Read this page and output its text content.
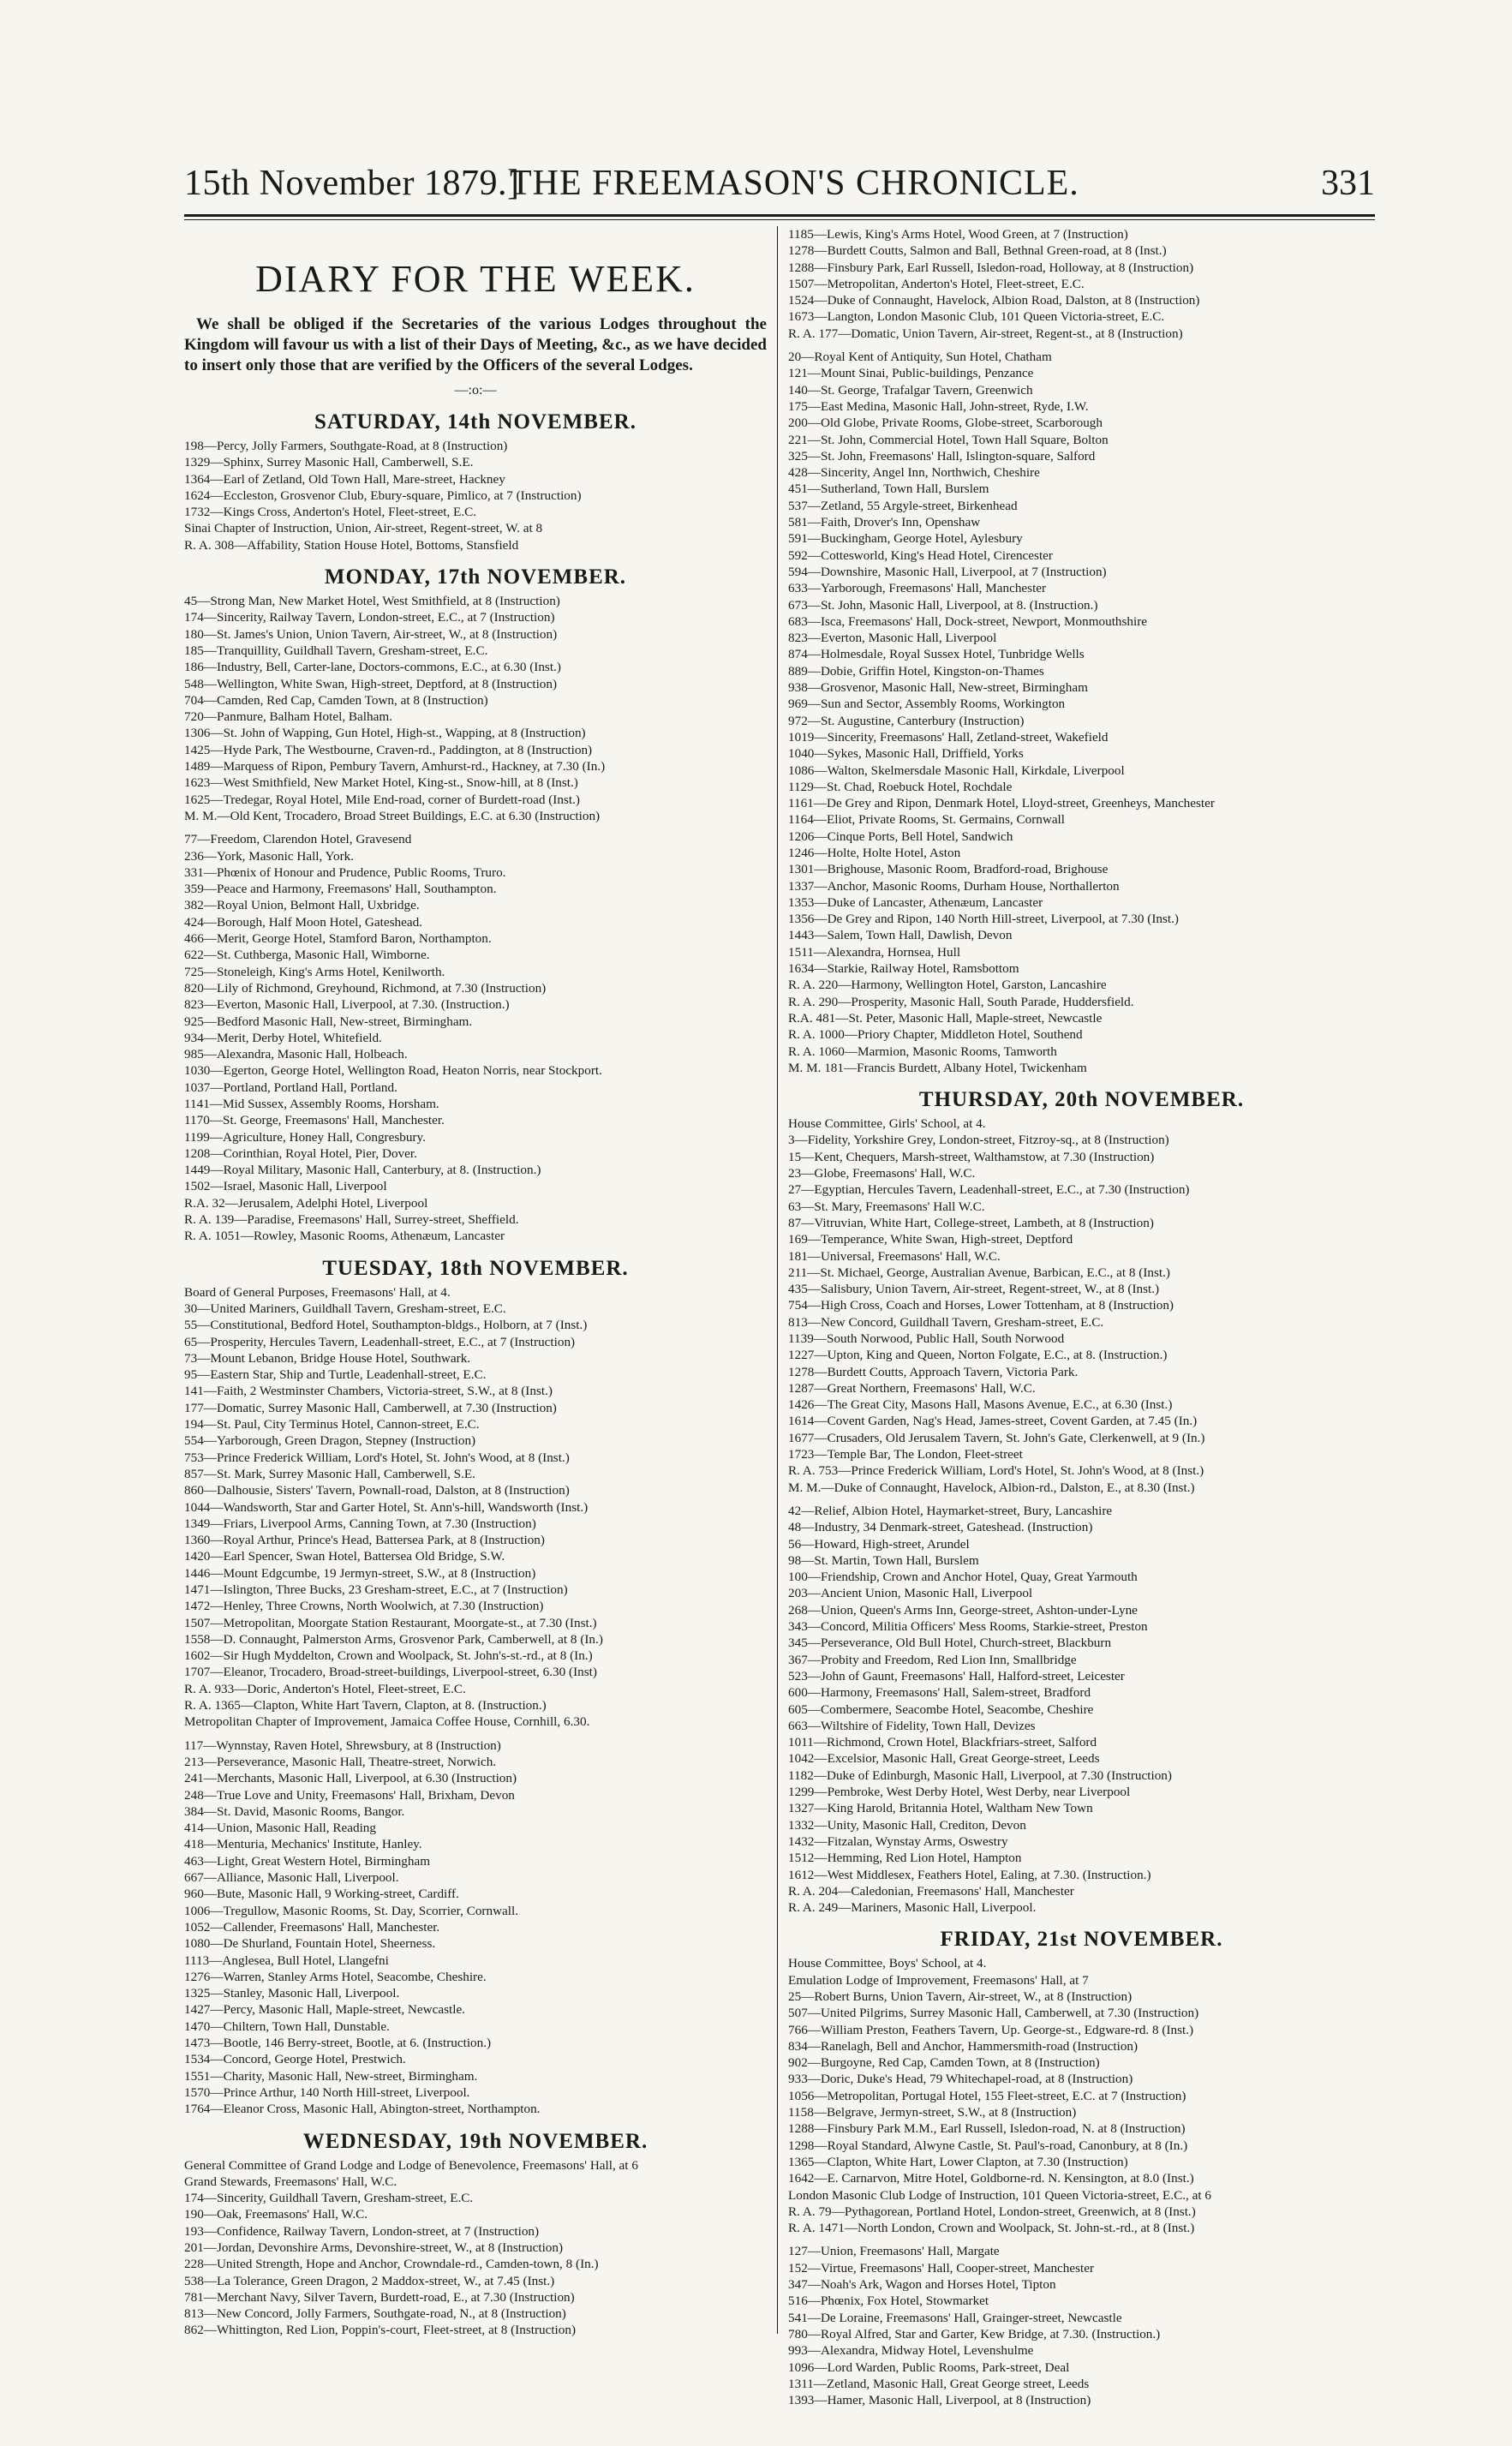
15th November 1879.]
THE FREEMASON'S CHRONICLE.	331
DIARY FOR THE WEEK.

We shall be obliged if the Secretaries of the various Lodges throughout the Kingdom will favour us with a list of their Days of Meeting, &c., as we have decided to insert only those that are verified by the Officers of the several Lodges.

—:o:—
SATURDAY, 14th NOVEMBER.
198—Percy, Jolly Farmers, Southgate-Road, at 8 (Instruction)
1329—Sphinx, Surrey Masonic Hall, Camberwell, S.E.
1364—Earl of Zetland, Old Town Hall, Mare-street, Hackney
1624—Eccleston, Grosvenor Club, Ebury-square, Pimlico, at 7 (Instruction)
1732—Kings Cross, Anderton's Hotel, Fleet-street, E.C.
Sinai Chapter of Instruction, Union, Air-street, Regent-street, W. at 8
R. A. 308—Affability, Station House Hotel, Bottoms, Stansfield
MONDAY, 17th NOVEMBER.
45—Strong Man, New Market Hotel, West Smithfield, at 8 (Instruction)
174—Sincerity, Railway Tavern, London-street, E.C., at 7 (Instruction)
180—St. James's Union, Union Tavern, Air-street, W., at 8 (Instruction)
185—Tranquillity, Guildhall Tavern, Gresham-street, E.C.
186—Industry, Bell, Carter-lane, Doctors-commons, E.C., at 6.30 (Inst.)
548—Wellington, White Swan, High-street, Deptford, at 8 (Instruction)
704—Camden, Red Cap, Camden Town, at 8 (Instruction)
720—Panmure, Balham Hotel, Balham.
1306—St. John of Wapping, Gun Hotel, High-st., Wapping, at 8 (Instruction)
1425—Hyde Park, The Westbourne, Craven-rd., Paddington, at 8 (Instruction)
1489—Marquess of Ripon, Pembury Tavern, Amhurst-rd., Hackney, at 7.30 (In.)
1623—West Smithfield, New Market Hotel, King-st., Snow-hill, at 8 (Inst.)
1625—Tredegar, Royal Hotel, Mile End-road, corner of Burdett-road (Inst.)
M. M.—Old Kent, Trocadero, Broad Street Buildings, E.C. at 6.30 (Instruction)
77—Freedom, Clarendon Hotel, Gravesend
236—York, Masonic Hall, York.
331—Phœnix of Honour and Prudence, Public Rooms, Truro.
359—Peace and Harmony, Freemasons' Hall, Southampton.
382—Royal Union, Belmont Hall, Uxbridge.
424—Borough, Half Moon Hotel, Gateshead.
466—Merit, George Hotel, Stamford Baron, Northampton.
622—St. Cuthberga, Masonic Hall, Wimborne.
725—Stoneleigh, King's Arms Hotel, Kenilworth.
820—Lily of Richmond, Greyhound, Richmond, at 7.30 (Instruction)
823—Everton, Masonic Hall, Liverpool, at 7.30. (Instruction.)
925—Bedford Masonic Hall, New-street, Birmingham.
934—Merit, Derby Hotel, Whitefield.
985—Alexandra, Masonic Hall, Holbeach.
1030—Egerton, George Hotel, Wellington Road, Heaton Norris, near Stockport.
1037—Portland, Portland Hall, Portland.
1141—Mid Sussex, Assembly Rooms, Horsham.
1170—St. George, Freemasons' Hall, Manchester.
1199—Agriculture, Honey Hall, Congresbury.
1208—Corinthian, Royal Hotel, Pier, Dover.
1449—Royal Military, Masonic Hall, Canterbury, at 8. (Instruction.)
1502—Israel, Masonic Hall, Liverpool
R.A. 32—Jerusalem, Adelphi Hotel, Liverpool
R. A. 139—Paradise, Freemasons' Hall, Surrey-street, Sheffield.
R. A. 1051—Rowley, Masonic Rooms, Athenæum, Lancaster
TUESDAY, 18th NOVEMBER.
Board of General Purposes, Freemasons' Hall, at 4.
30—United Mariners, Guildhall Tavern, Gresham-street, E.C.
55—Constitutional, Bedford Hotel, Southampton-bldgs., Holborn, at 7 (Inst.)
65—Prosperity, Hercules Tavern, Leadenhall-street, E.C., at 7 (Instruction)
73—Mount Lebanon, Bridge House Hotel, Southwark.
95—Eastern Star, Ship and Turtle, Leadenhall-street, E.C.
141—Faith, 2 Westminster Chambers, Victoria-street, S.W., at 8 (Inst.)
177—Domatic, Surrey Masonic Hall, Camberwell, at 7.30 (Instruction)
194—St. Paul, City Terminus Hotel, Cannon-street, E.C.
554—Yarborough, Green Dragon, Stepney (Instruction)
753—Prince Frederick William, Lord's Hotel, St. John's Wood, at 8 (Inst.)
857—St. Mark, Surrey Masonic Hall, Camberwell, S.E.
860—Dalhousie, Sisters' Tavern, Pownall-road, Dalston, at 8 (Instruction)
1044—Wandsworth, Star and Garter Hotel, St. Ann's-hill, Wandsworth (Inst.)
1349—Friars, Liverpool Arms, Canning Town, at 7.30 (Instruction)
1360—Royal Arthur, Prince's Head, Battersea Park, at 8 (Instruction)
1420—Earl Spencer, Swan Hotel, Battersea Old Bridge, S.W.
1446—Mount Edgcumbe, 19 Jermyn-street, S.W., at 8 (Instruction)
1471—Islington, Three Bucks, 23 Gresham-street, E.C., at 7 (Instruction)
1472—Henley, Three Crowns, North Woolwich, at 7.30 (Instruction)
1507—Metropolitan, Moorgate Station Restaurant, Moorgate-st., at 7.30 (Inst.)
1558—D. Connaught, Palmerston Arms, Grosvenor Park, Camberwell, at 8 (In.)
1602—Sir Hugh Myddelton, Crown and Woolpack, St. John's-st.-rd., at 8 (In.)
1707—Eleanor, Trocadero, Broad-street-buildings, Liverpool-street, 6.30 (Inst)
R. A. 933—Doric, Anderton's Hotel, Fleet-street, E.C.
R. A. 1365—Clapton, White Hart Tavern, Clapton, at 8. (Instruction.)
Metropolitan Chapter of Improvement, Jamaica Coffee House, Cornhill, 6.30.
117—Wynnstay, Raven Hotel, Shrewsbury, at 8 (Instruction)
213—Perseverance, Masonic Hall, Theatre-street, Norwich.
241—Merchants, Masonic Hall, Liverpool, at 6.30 (Instruction)
248—True Love and Unity, Freemasons' Hall, Brixham, Devon
384—St. David, Masonic Rooms, Bangor.
414—Union, Masonic Hall, Reading
418—Menturia, Mechanics' Institute, Hanley.
463—Light, Great Western Hotel, Birmingham
667—Alliance, Masonic Hall, Liverpool.
960—Bute, Masonic Hall, 9 Working-street, Cardiff.
1006—Tregullow, Masonic Rooms, St. Day, Scorrier, Cornwall.
1052—Callender, Freemasons' Hall, Manchester.
1080—De Shurland, Fountain Hotel, Sheerness.
1113—Anglesea, Bull Hotel, Llangefni
1276—Warren, Stanley Arms Hotel, Seacombe, Cheshire.
1325—Stanley, Masonic Hall, Liverpool.
1427—Percy, Masonic Hall, Maple-street, Newcastle.
1470—Chiltern, Town Hall, Dunstable.
1473—Bootle, 146 Berry-street, Bootle, at 6. (Instruction.)
1534—Concord, George Hotel, Prestwich.
1551—Charity, Masonic Hall, New-street, Birmingham.
1570—Prince Arthur, 140 North Hill-street, Liverpool.
1764—Eleanor Cross, Masonic Hall, Abington-street, Northampton.
WEDNESDAY, 19th NOVEMBER.
General Committee of Grand Lodge and Lodge of Benevolence, Freemasons' Hall, at 6
Grand Stewards, Freemasons' Hall, W.C.
174—Sincerity, Guildhall Tavern, Gresham-street, E.C.
190—Oak, Freemasons' Hall, W.C.
193—Confidence, Railway Tavern, London-street, at 7 (Instruction)
201—Jordan, Devonshire Arms, Devonshire-street, W., at 8 (Instruction)
228—United Strength, Hope and Anchor, Crowndale-rd., Camden-town, 8 (In.)
538—La Tolerance, Green Dragon, 2 Maddox-street, W., at 7.45 (Inst.)
781—Merchant Navy, Silver Tavern, Burdett-road, E., at 7.30 (Instruction)
813—New Concord, Jolly Farmers, Southgate-road, N., at 8 (Instruction)
862—Whittington, Red Lion, Poppin's-court, Fleet-street, at 8 (Instruction)
1185—Lewis, King's Arms Hotel, Wood Green, at 7 (Instruction)
1278—Burdett Coutts, Salmon and Ball, Bethnal Green-road, at 8 (Inst.)
1288—Finsbury Park, Earl Russell, Isledon-road, Holloway, at 8 (Instruction)
1507—Metropolitan, Anderton's Hotel, Fleet-street, E.C.
1524—Duke of Connaught, Havelock, Albion Road, Dalston, at 8 (Instruction)
1673—Langton, London Masonic Club, 101 Queen Victoria-street, E.C.
R. A. 177—Domatic, Union Tavern, Air-street, Regent-st., at 8 (Instruction)
20—Royal Kent of Antiquity, Sun Hotel, Chatham
121—Mount Sinai, Public-buildings, Penzance
140—St. George, Trafalgar Tavern, Greenwich
175—East Medina, Masonic Hall, John-street, Ryde, I.W.
200—Old Globe, Private Rooms, Globe-street, Scarborough
221—St. John, Commercial Hotel, Town Hall Square, Bolton
325—St. John, Freemasons' Hall, Islington-square, Salford
428—Sincerity, Angel Inn, Northwich, Cheshire
451—Sutherland, Town Hall, Burslem
537—Zetland, 55 Argyle-street, Birkenhead
581—Faith, Drover's Inn, Openshaw
591—Buckingham, George Hotel, Aylesbury
592—Cottesworld, King's Head Hotel, Cirencester
594—Downshire, Masonic Hall, Liverpool, at 7 (Instruction)
633—Yarborough, Freemasons' Hall, Manchester
673—St. John, Masonic Hall, Liverpool, at 8. (Instruction.)
683—Isca, Freemasons' Hall, Dock-street, Newport, Monmouthshire
823—Everton, Masonic Hall, Liverpool
874—Holmesdale, Royal Sussex Hotel, Tunbridge Wells
889—Dobie, Griffin Hotel, Kingston-on-Thames
938—Grosvenor, Masonic Hall, New-street, Birmingham
969—Sun and Sector, Assembly Rooms, Workington
972—St. Augustine, Canterbury (Instruction)
1019—Sincerity, Freemasons' Hall, Zetland-street, Wakefield
1040—Sykes, Masonic Hall, Driffield, Yorks
1086—Walton, Skelmersdale Masonic Hall, Kirkdale, Liverpool
1129—St. Chad, Roebuck Hotel, Rochdale
1161—De Grey and Ripon, Denmark Hotel, Lloyd-street, Greenheys, Manchester
1164—Eliot, Private Rooms, St. Germains, Cornwall
1206—Cinque Ports, Bell Hotel, Sandwich
1246—Holte, Holte Hotel, Aston
1301—Brighouse, Masonic Room, Bradford-road, Brighouse
1337—Anchor, Masonic Rooms, Durham House, Northallerton
1353—Duke of Lancaster, Athenæum, Lancaster
1356—De Grey and Ripon, 140 North Hill-street, Liverpool, at 7.30 (Inst.)
1443—Salem, Town Hall, Dawlish, Devon
1511—Alexandra, Hornsea, Hull
1634—Starkie, Railway Hotel, Ramsbottom
R. A. 220—Harmony, Wellington Hotel, Garston, Lancashire
R. A. 290—Prosperity, Masonic Hall, South Parade, Huddersfield.
R.A. 481—St. Peter, Masonic Hall, Maple-street, Newcastle
R. A. 1000—Priory Chapter, Middleton Hotel, Southend
R. A. 1060—Marmion, Masonic Rooms, Tamworth
M. M. 181—Francis Burdett, Albany Hotel, Twickenham
THURSDAY, 20th NOVEMBER.
House Committee, Girls' School, at 4.
3—Fidelity, Yorkshire Grey, London-street, Fitzroy-sq., at 8 (Instruction)
15—Kent, Chequers, Marsh-street, Walthamstow, at 7.30 (Instruction)
23—Globe, Freemasons' Hall, W.C.
27—Egyptian, Hercules Tavern, Leadenhall-street, E.C., at 7.30 (Instruction)
63—St. Mary, Freemasons' Hall W.C.
87—Vitruvian, White Hart, College-street, Lambeth, at 8 (Instruction)
169—Temperance, White Swan, High-street, Deptford
181—Universal, Freemasons' Hall, W.C.
211—St. Michael, George, Australian Avenue, Barbican, E.C., at 8 (Inst.)
435—Salisbury, Union Tavern, Air-street, Regent-street, W., at 8 (Inst.)
754—High Cross, Coach and Horses, Lower Tottenham, at 8 (Instruction)
813—New Concord, Guildhall Tavern, Gresham-street, E.C.
1139—South Norwood, Public Hall, South Norwood
1227—Upton, King and Queen, Norton Folgate, E.C., at 8. (Instruction.)
1278—Burdett Coutts, Approach Tavern, Victoria Park.
1287—Great Northern, Freemasons' Hall, W.C.
1426—The Great City, Masons Hall, Masons Avenue, E.C., at 6.30 (Inst.)
1614—Covent Garden, Nag's Head, James-street, Covent Garden, at 7.45 (In.)
1677—Crusaders, Old Jerusalem Tavern, St. John's Gate, Clerkenwell, at 9 (In.)
1723—Temple Bar, The London, Fleet-street
R. A. 753—Prince Frederick William, Lord's Hotel, St. John's Wood, at 8 (Inst.)
M. M.—Duke of Connaught, Havelock, Albion-rd., Dalston, E., at 8.30 (Inst.)
42—Relief, Albion Hotel, Haymarket-street, Bury, Lancashire
48—Industry, 34 Denmark-street, Gateshead. (Instruction)
56—Howard, High-street, Arundel
98—St. Martin, Town Hall, Burslem
100—Friendship, Crown and Anchor Hotel, Quay, Great Yarmouth
203—Ancient Union, Masonic Hall, Liverpool
268—Union, Queen's Arms Inn, George-street, Ashton-under-Lyne
343—Concord, Militia Officers' Mess Rooms, Starkie-street, Preston
345—Perseverance, Old Bull Hotel, Church-street, Blackburn
367—Probity and Freedom, Red Lion Inn, Smallbridge
523—John of Gaunt, Freemasons' Hall, Halford-street, Leicester
600—Harmony, Freemasons' Hall, Salem-street, Bradford
605—Combermere, Seacombe Hotel, Seacombe, Cheshire
663—Wiltshire of Fidelity, Town Hall, Devizes
1011—Richmond, Crown Hotel, Blackfriars-street, Salford
1042—Excelsior, Masonic Hall, Great George-street, Leeds
1182—Duke of Edinburgh, Masonic Hall, Liverpool, at 7.30 (Instruction)
1299—Pembroke, West Derby Hotel, West Derby, near Liverpool
1327—King Harold, Britannia Hotel, Waltham New Town
1332—Unity, Masonic Hall, Crediton, Devon
1432—Fitzalan, Wynstay Arms, Oswestry
1512—Hemming, Red Lion Hotel, Hampton
1612—West Middlesex, Feathers Hotel, Ealing, at 7.30. (Instruction.)
R. A. 204—Caledonian, Freemasons' Hall, Manchester
R. A. 249—Mariners, Masonic Hall, Liverpool.
FRIDAY, 21st NOVEMBER.
House Committee, Boys' School, at 4.
Emulation Lodge of Improvement, Freemasons' Hall, at 7
25—Robert Burns, Union Tavern, Air-street, W., at 8 (Instruction)
507—United Pilgrims, Surrey Masonic Hall, Camberwell, at 7.30 (Instruction)
766—William Preston, Feathers Tavern, Up. George-st., Edgware-rd. 8 (Inst.)
834—Ranelagh, Bell and Anchor, Hammersmith-road (Instruction)
902—Burgoyne, Red Cap, Camden Town, at 8 (Instruction)
933—Doric, Duke's Head, 79 Whitechapel-road, at 8 (Instruction)
1056—Metropolitan, Portugal Hotel, 155 Fleet-street, E.C. at 7 (Instruction)
1158—Belgrave, Jermyn-street, S.W., at 8 (Instruction)
1288—Finsbury Park M.M., Earl Russell, Isledon-road, N. at 8 (Instruction)
1298—Royal Standard, Alwyne Castle, St. Paul's-road, Canonbury, at 8 (In.)
1365—Clapton, White Hart, Lower Clapton, at 7.30 (Instruction)
1642—E. Carnarvon, Mitre Hotel, Goldborne-rd. N. Kensington, at 8.0 (Inst.)
London Masonic Club Lodge of Instruction, 101 Queen Victoria-street, E.C., at 6
R. A. 79—Pythagorean, Portland Hotel, London-street, Greenwich, at 8 (Inst.)
R. A. 1471—North London, Crown and Woolpack, St. John-st.-rd., at 8 (Inst.)
127—Union, Freemasons' Hall, Margate
152—Virtue, Freemasons' Hall, Cooper-street, Manchester
347—Noah's Ark, Wagon and Horses Hotel, Tipton
516—Phœnix, Fox Hotel, Stowmarket
541—De Loraine, Freemasons' Hall, Grainger-street, Newcastle
780—Royal Alfred, Star and Garter, Kew Bridge, at 7.30. (Instruction.)
993—Alexandra, Midway Hotel, Levenshulme
1096—Lord Warden, Public Rooms, Park-street, Deal
1311—Zetland, Masonic Hall, Great George street, Leeds
1393—Hamer, Masonic Hall, Liverpool, at 8 (Instruction)
